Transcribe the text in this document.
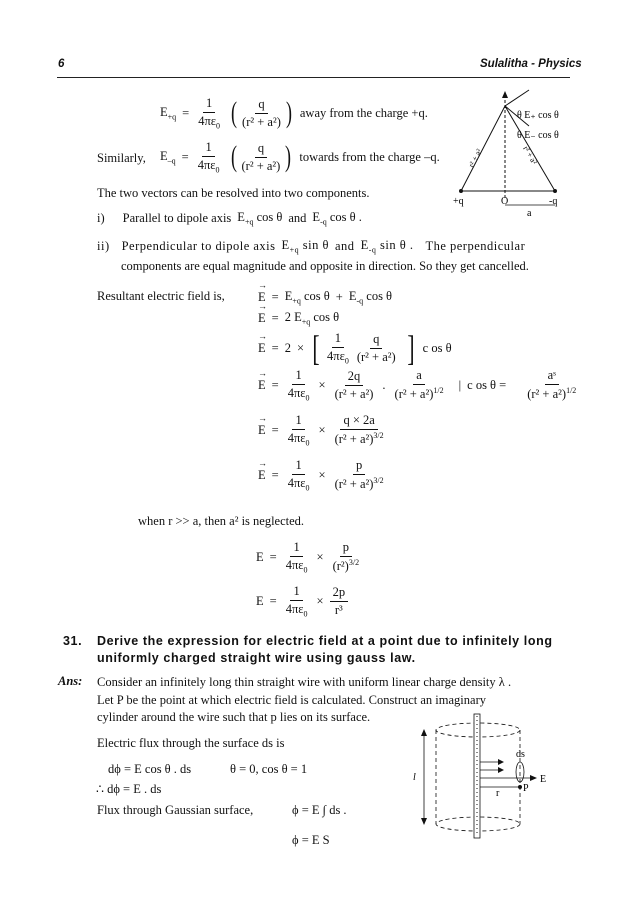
6	Sulalitha - Physics
$E_{+q} = \frac{1}{4\pi\varepsilon_0}$ ( $\frac{q}{\text{(r² + a²)}}$ ) away from the charge +q.
Similarly, $E_{-q} = \frac{1}{4\pi\varepsilon_0}$ ( $\frac{q}{\text{(r² + a²)}}$ ) towards from the charge –q.
+q	O	-q
a
θ E₊ cos θ
θ E₋ cos θ
r² + a²	r² + a²
The two vectors can be resolved into two components.
i) Parallel to dipole axis $E_{+q}$ cos θ and $E_{-q}$ cos θ .
ii) Perpendicular to dipole axis $E_{+q}$ sin θ and $E_{-q}$ sin θ . The perpendicular
components are equal magnitude and opposite in direction. So they get cancelled.
Resultant electric field is,
→	$E = E_{+q}$ $\cos \theta + E_{-q}$ cos θ
→ E = 2 $E_{+q}$ cos θ
→ E = 2 × [ $\frac{1}{4\pi\varepsilon_0} \frac{q}{\text{(r² + a²)}}$ ] c os θ
→ $E = \frac{1}{4\pi\varepsilon_0} \times \frac{2q}{\text{(r² + a²)}}$ . $\frac{a}{(r^2 + a^2)^{1/2}}$ | c os $\theta = \frac{\text{aˢ}}{(r^2 + a^2)^{1/2}}$
→ $E = \frac{1}{4\pi\varepsilon_0} \times \frac{q \times 2a}{(r^2 + a^2)^{3/2}}$
→ $E = \frac{1}{4\pi\varepsilon_0} \times \frac{p}{(r^2 + a^2)^{3/2}}$
when r >> a, then a² is neglected.
$E = \frac{1}{4\pi\varepsilon_0} \times \frac{p}{(r^2)^{3/2}}$
$E = \frac{1}{4\pi\varepsilon_0} \times \frac{2p}{\text{r³}}$
31. Derive the expression for electric field at a point due to infinitely long
uniformly charged straight wire using gauss law.
Ans: Consider an infinitely long thin straight wire with uniform linear charge density λ .
Let P be the point at which electric field is calculated. Construct an imaginary
cylinder around the wire such that p lies on its surface.
Electric flux through the surface ds is
dϕ = E cos θ . ds	θ = 0, cos θ = 1
∴ dϕ = E . ds
Flux through Gaussian surface,	ϕ = E ∫ ds .
ϕ = E S
l
ds
E
r P
